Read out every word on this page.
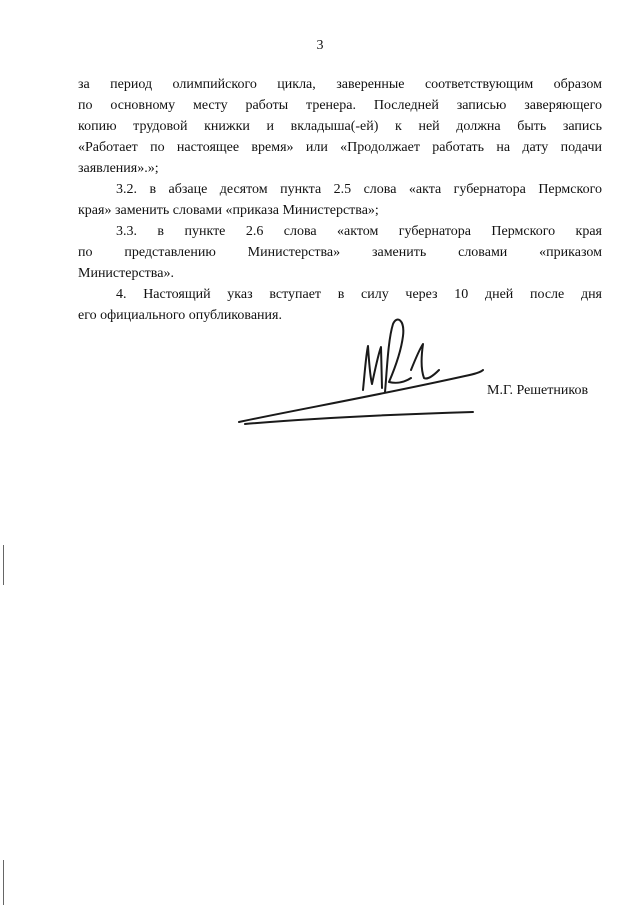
3
за период олимпийского цикла, заверенные соответствующим образом
по основному месту работы тренера. Последней записью заверяющего
копию трудовой книжки и вкладыша(-ей) к ней должна быть запись
«Работает по настоящее время» или «Продолжает работать на дату подачи
заявления».»;
3.2. в абзаце десятом пункта 2.5 слова «акта губернатора Пермского
края» заменить словами «приказа Министерства»;
3.3. в пункте 2.6 слова «актом губернатора Пермского края
по представлению Министерства» заменить словами «приказом
Министерства».
4. Настоящий указ вступает в силу через 10 дней после дня
его официального опубликования.
М.Г. Решетников
